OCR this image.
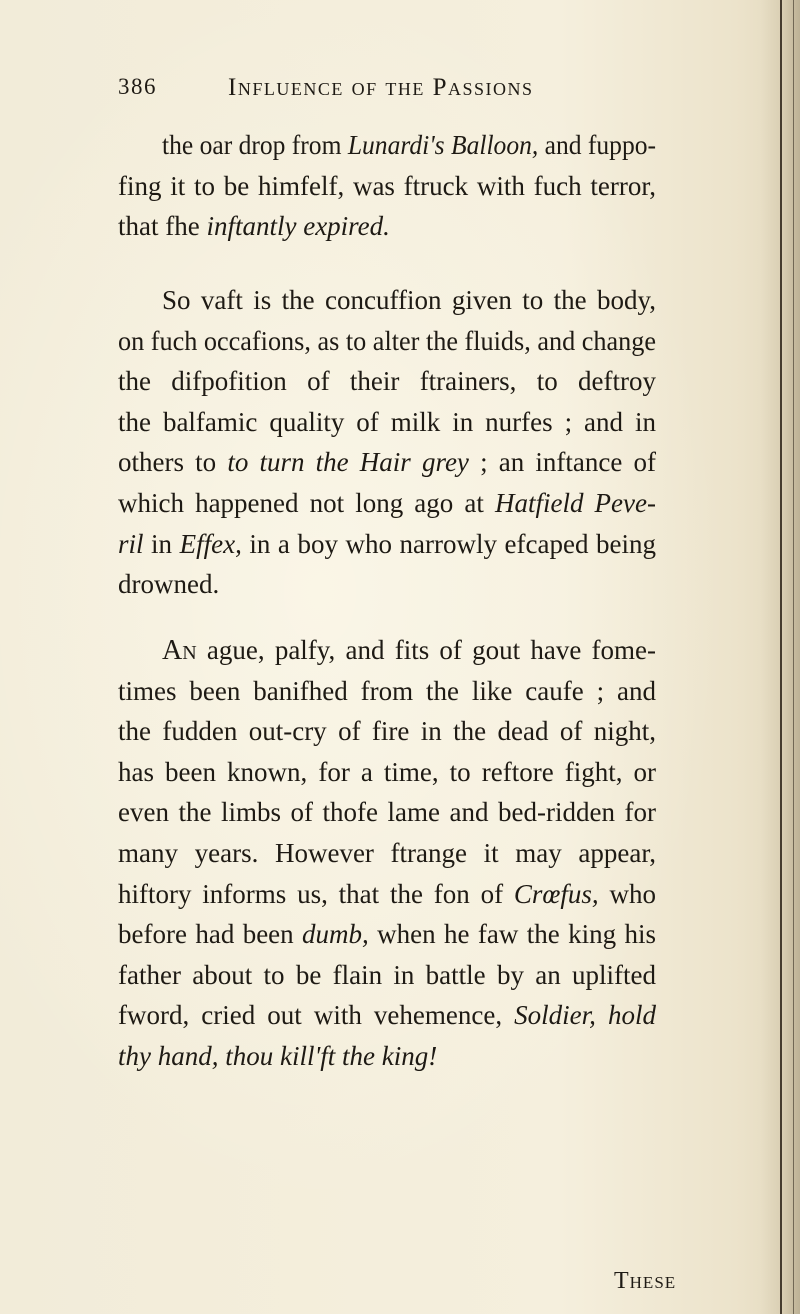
386	Influence of the Passions
the oar drop from Lunardi's Balloon, and fuppo-
fing it to be himfelf, was ftruck with fuch terror,
that fhe inftantly expired.
So vaft is the concuffion given to the body,
on fuch occafions, as to alter the fluids, and change
the difpofition of their ftrainers, to deftroy
the balfamic quality of milk in nurfes ; and in
others to to turn the Hair grey ; an inftance of
which happened not long ago at Hatfield Peve-
ril in Effex, in a boy who narrowly efcaped being
drowned.
An ague, palfy, and fits of gout have fome-
times been banifhed from the like caufe ; and
the fudden out-cry of fire in the dead of night,
has been known, for a time, to reftore fight, or
even the limbs of thofe lame and bed-ridden for
many years. However ftrange it may appear,
hiftory informs us, that the fon of Crœfus, who
before had been dumb, when he faw the king his
father about to be flain in battle by an uplifted
fword, cried out with vehemence, Soldier, hold
thy hand, thou kill'ft the king!
These
